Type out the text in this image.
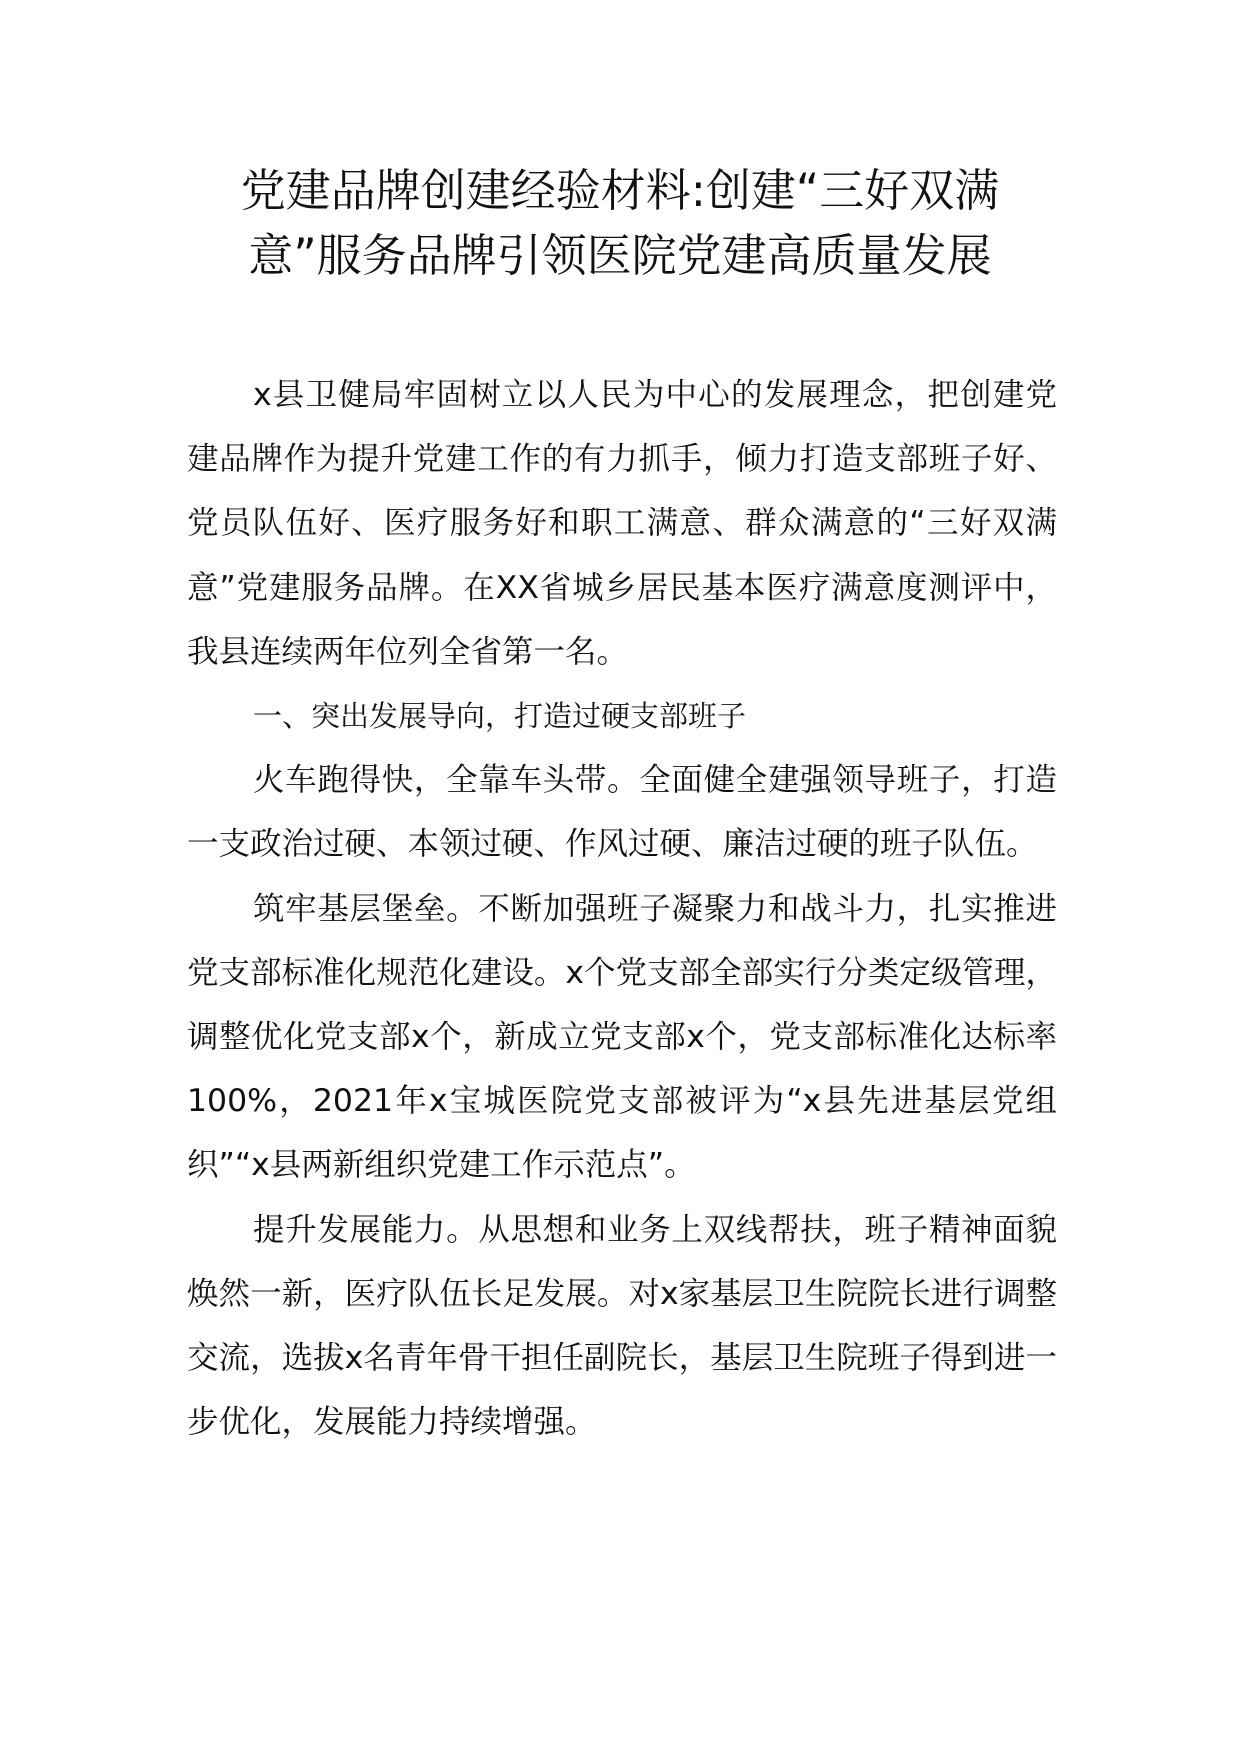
党建品牌创建经验材料:创建“三好双满
意”服务品牌引领医院党建高质量发展

x县卫健局牢固树立以人民为中心的发展理念，把创建党建品牌作为提升党建工作的有力抓手，倾力打造支部班子好、党员队伍好、医疗服务好和职工满意、群众满意的“三好双满意”党建服务品牌。在XX省城乡居民基本医疗满意度测评中，我县连续两年位列全省第一名。

一、突出发展导向，打造过硬支部班子

火车跑得快，全靠车头带。全面健全建强领导班子，打造一支政治过硬、本领过硬、作风过硬、廉洁过硬的班子队伍。

筑牢基层堡垒。不断加强班子凝聚力和战斗力，扎实推进党支部标准化规范化建设。x个党支部全部实行分类定级管理，调整优化党支部x个，新成立党支部x个，党支部标准化达标率100%，2021年x宝城医院党支部被评为“x县先进基层党组织”“x县两新组织党建工作示范点”。

提升发展能力。从思想和业务上双线帮扶，班子精神面貌焕然一新，医疗队伍长足发展。对x家基层卫生院院长进行调整交流，选拔x名青年骨干担任副院长，基层卫生院班子得到进一步优化，发展能力持续增强。
